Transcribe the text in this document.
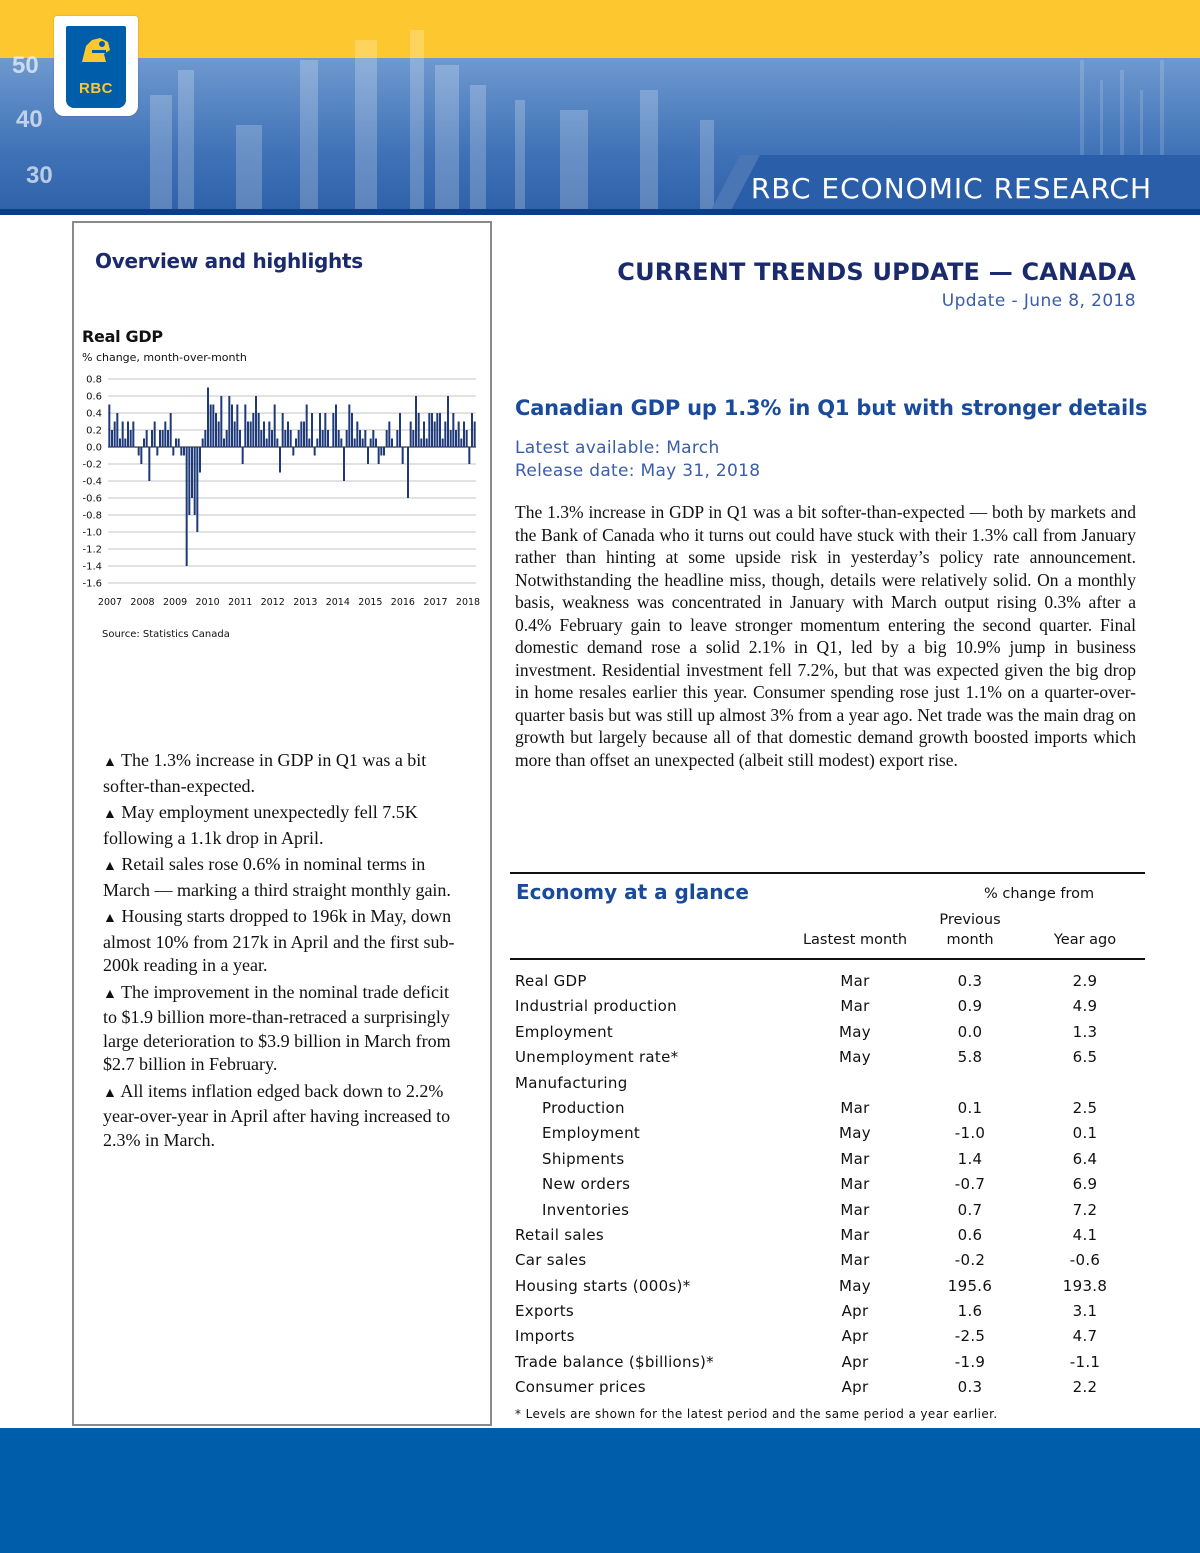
50
40
30
RBC
RBC ECONOMIC RESEARCH
Overview and highlights
Real GDP
% change, month-over-month
0.8
0.6
0.4
0.2
0.0
-0.2
-0.4
-0.6
-0.8
-1.0
-1.2
-1.4
-1.6
2007 2008 2009 2010 2011 2012 2013 2014 2015 2016 2017 2018
Source: Statistics Canada
▲ The 1.3% increase in GDP in Q1 was a bit softer-than-expected.
▲ May employment unexpectedly fell 7.5K following a 1.1k drop in April.
▲ Retail sales rose 0.6% in nominal terms in March — marking a third straight monthly gain.
▲ Housing starts dropped to 196k in May, down almost 10% from 217k in April and the first sub-200k reading in a year.
▲ The improvement in the nominal trade deficit to $1.9 billion more-than-retraced a surprisingly large deterioration to $3.9 billion in March from $2.7 billion in February.
▲ All items inflation edged back down to 2.2% year-over-year in April after having increased to 2.3% in March.
CURRENT TRENDS UPDATE — CANADA
Update - June 8, 2018
Canadian GDP up 1.3% in Q1 but with stronger details
Latest available: March
Release date: May 31, 2018
The 1.3% increase in GDP in Q1 was a bit softer-than-expected — both by markets and the Bank of Canada who it turns out could have stuck with their 1.3% call from January rather than hinting at some upside risk in yesterday’s policy rate announcement. Notwithstanding the headline miss, though, details were relatively solid. On a monthly basis, weakness was concentrated in January with March output rising 0.3% after a 0.4% February gain to leave stronger momentum entering the second quarter. Final domestic demand rose a solid 2.1% in Q1, led by a big 10.9% jump in business investment. Residential investment fell 7.2%, but that was expected given the big drop in home resales earlier this year. Consumer spending rose just 1.1% on a quarter-over-quarter basis but was still up almost 3% from a year ago. Net trade was the main drag on growth but largely because all of that domestic demand growth boosted imports which more than offset an unexpected (albeit still modest) export rise.
Economy at a glance	% change from
Lastest month
Previous month	Year ago
Real GDP	Mar	0.3	2.9
Industrial production	Mar	0.9	4.9
Employment	May	0.0	1.3
Unemployment rate*	May	5.8	6.5
Manufacturing
Production	Mar	0.1	2.5
Employment	May	-1.0	0.1
Shipments	Mar	1.4	6.4
New orders	Mar	-0.7	6.9
Inventories	Mar	0.7	7.2
Retail sales	Mar	0.6	4.1
Car sales	Mar	-0.2	-0.6
Housing starts (000s)*	May	195.6	193.8
Exports	Apr	1.6	3.1
Imports	Apr	-2.5	4.7
Trade balance ($billions)*	Apr	-1.9	-1.1
Consumer prices	Apr	0.3	2.2
* Levels are shown for the latest period and the same period a year earlier.
